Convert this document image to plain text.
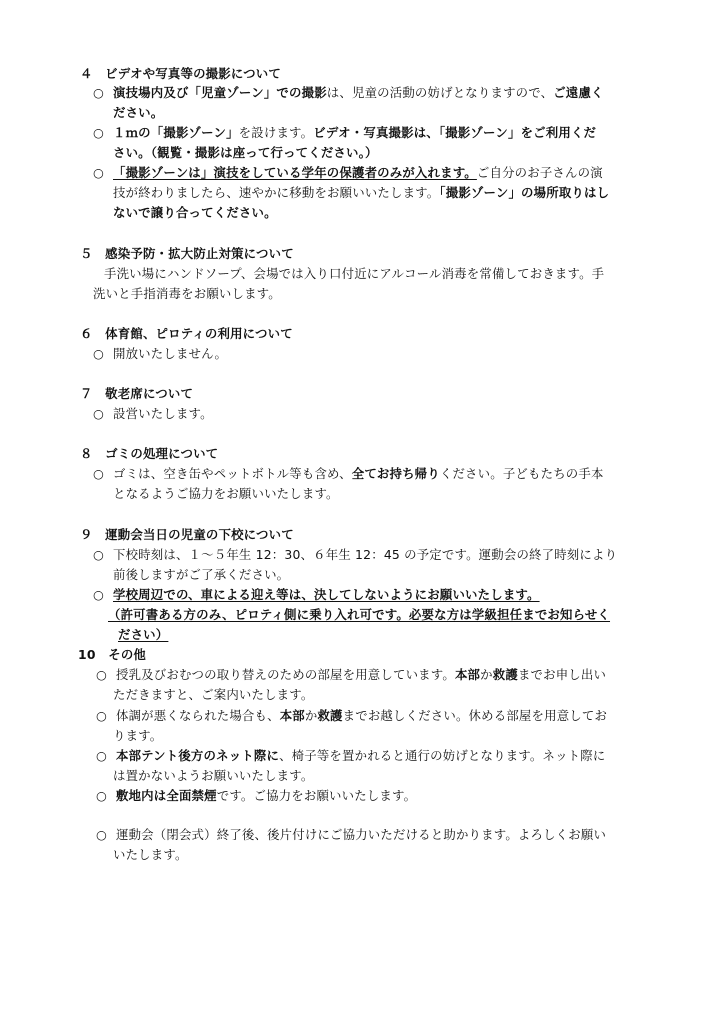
４　ビデオや写真等の撮影について
○ 演技場内及び「児童ゾーン」での撮影は、児童の活動の妨げとなりますので、ご遠慮く
ださい。
○ １ｍの「撮影ゾーン」を設けます。ビデオ・写真撮影は、「撮影ゾーン」をご利用くだ
さい。（観覧・撮影は座って行ってください。）
○ 「撮影ゾーンは」演技をしている学年の保護者のみが入れます。ご自分のお子さんの演
技が終わりましたら、速やかに移動をお願いいたします。「撮影ゾーン」の場所取りはし
ないで譲り合ってください。
５　感染予防・拡大防止対策について
手洗い場にハンドソープ、会場では入り口付近にアルコール消毒を常備しておきます。手
洗いと手指消毒をお願いします。
６　体育館、ピロティの利用について
○ 開放いたしません。
７　敬老席について
○ 設営いたします。
８　ゴミの処理について
○ ゴミは、空き缶やペットボトル等も含め、全てお持ち帰りください。子どもたちの手本
となるようご協力をお願いいたします。
９　運動会当日の児童の下校について
○ 下校時刻は、１～５年生 12：30、６年生 12：45 の予定です。運動会の終了時刻により
前後しますがご了承ください。
○ 学校周辺での、車による迎え等は、決してしないようにお願いいたします。
（許可書ある方のみ、ピロティ側に乗り入れ可です。必要な方は学級担任までお知らせく
ださい）
10　その他
○ 授乳及びおむつの取り替えのための部屋を用意しています。本部か救護までお申し出い
ただきますと、ご案内いたします。
○ 体調が悪くなられた場合も、本部か救護までお越しください。休める部屋を用意してお
ります。
○ 本部テント後方のネット際に、椅子等を置かれると通行の妨げとなります。ネット際に
は置かないようお願いいたします。
○ 敷地内は全面禁煙です。ご協力をお願いいたします。
○ 運動会（閉会式）終了後、後片付けにご協力いただけると助かります。よろしくお願い
いたします。
